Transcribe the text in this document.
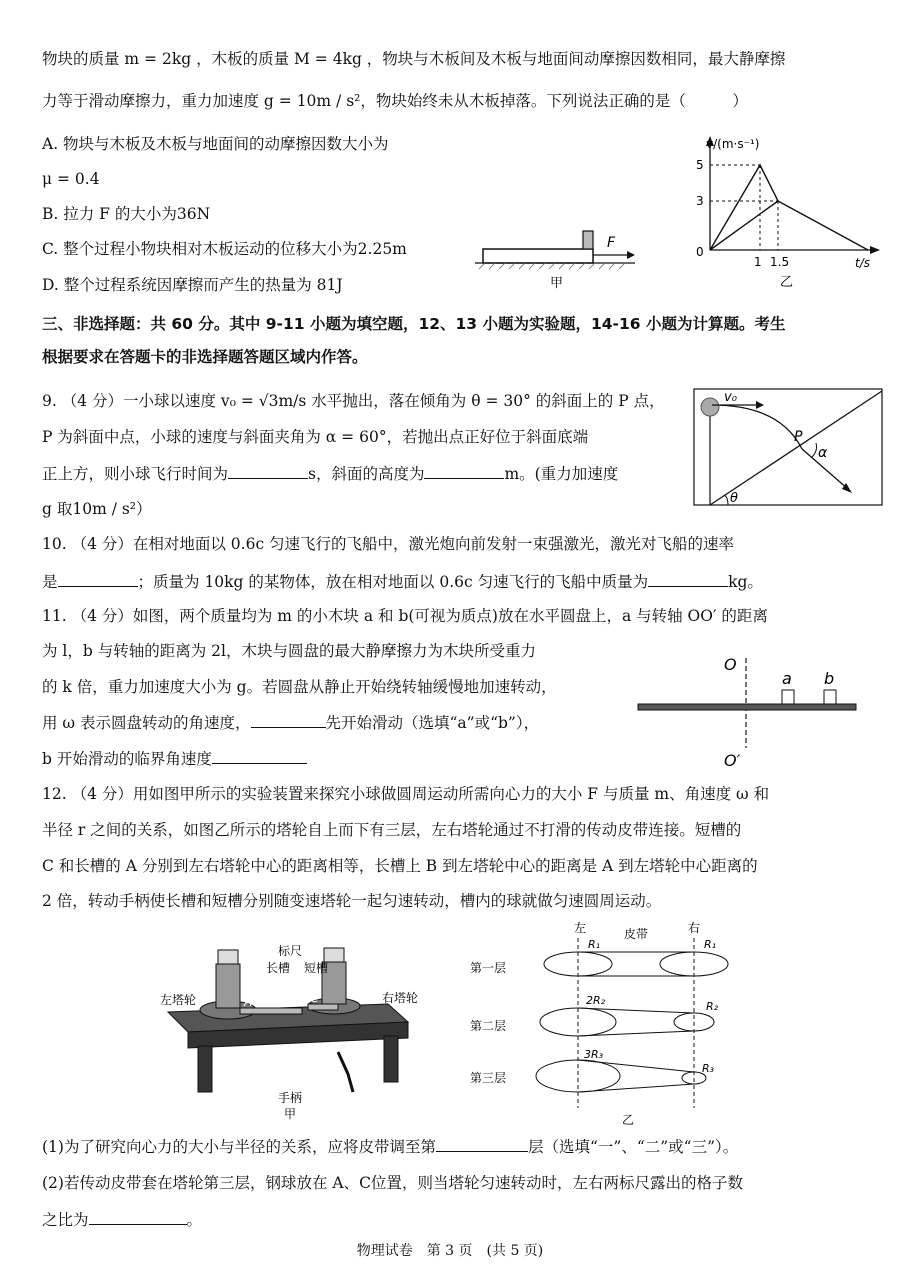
物块的质量 m = 2kg ，木板的质量 M = 4kg ，物块与木板间及木板与地面间动摩擦因数相同，最大静摩擦
力等于滑动摩擦力，重力加速度 g = 10m / s²，物块始终未从木板掉落。下列说法正确的是（　　　）
A. 物块与木板及木板与地面间的动摩擦因数大小为
μ = 0.4
B. 拉力 F 的大小为36N
C. 整个过程小物块相对木板运动的位移大小为2.25m
D. 整个过程系统因摩擦而产生的热量为 81J
F
甲
v/(m·s⁻¹)
t/s
5
3
0
1 1.5
乙
三、非选择题：共 60 分。其中 9-11 小题为填空题，12、13 小题为实验题，14-16 小题为计算题。考生
根据要求在答题卡的非选择题答题区域内作答。
9. （4 分）一小球以速度 v₀ = √3m/s 水平抛出，落在倾角为 θ = 30° 的斜面上的 P 点，
P 为斜面中点，小球的速度与斜面夹角为 α = 60°，若抛出点正好位于斜面底端
正上方，则小球飞行时间为	s，斜面的高度为	m。(重力加速度
g 取10m / s²）
v₀
P
α
θ
10. （4 分）在相对地面以 0.6c 匀速飞行的飞船中，激光炮向前发射一束强激光，激光对飞船的速率
是	；质量为 10kg 的某物体，放在相对地面以 0.6c 匀速飞行的飞船中质量为	kg。
11. （4 分）如图，两个质量均为 m 的小木块 a 和 b(可视为质点)放在水平圆盘上，a 与转轴 OO′ 的距离
为 l，b 与转轴的距离为 2l，木块与圆盘的最大静摩擦力为木块所受重力
的 k 倍，重力加速度大小为 g。若圆盘从静止开始绕转轴缓慢地加速转动，
用 ω 表示圆盘转动的角速度，	先开始滑动（选填“a”或“b”），
b 开始滑动的临界角速度
O
O′
a b
12. （4 分）用如图甲所示的实验装置来探究小球做圆周运动所需向心力的大小 F 与质量 m、角速度 ω 和
半径 r 之间的关系，如图乙所示的塔轮自上而下有三层，左右塔轮通过不打滑的传动皮带连接。短槽的
C 和长槽的 A 分别到左右塔轮中心的距离相等，长槽上 B 到左塔轮中心的距离是 A 到左塔轮中心距离的
2 倍，转动手柄使长槽和短槽分别随变速塔轮一起匀速转动，槽内的球就做匀速圆周运动。
标尺
长槽 短槽
左塔轮	右塔轮
A B	C
手柄
甲
左	皮带	右
第一层
R₁	R₁
第二层
2R₂	R₂
第三层
3R₃
R₃
乙
(1)为了研究向心力的大小与半径的关系，应将皮带调至第	层（选填“一”、“二”或“三”）。
(2)若传动皮带套在塔轮第三层，钢球放在 A、C位置，则当塔轮匀速转动时，左右两标尺露出的格子数
之比为	。
物理试卷　第 3 页　(共 5 页)
